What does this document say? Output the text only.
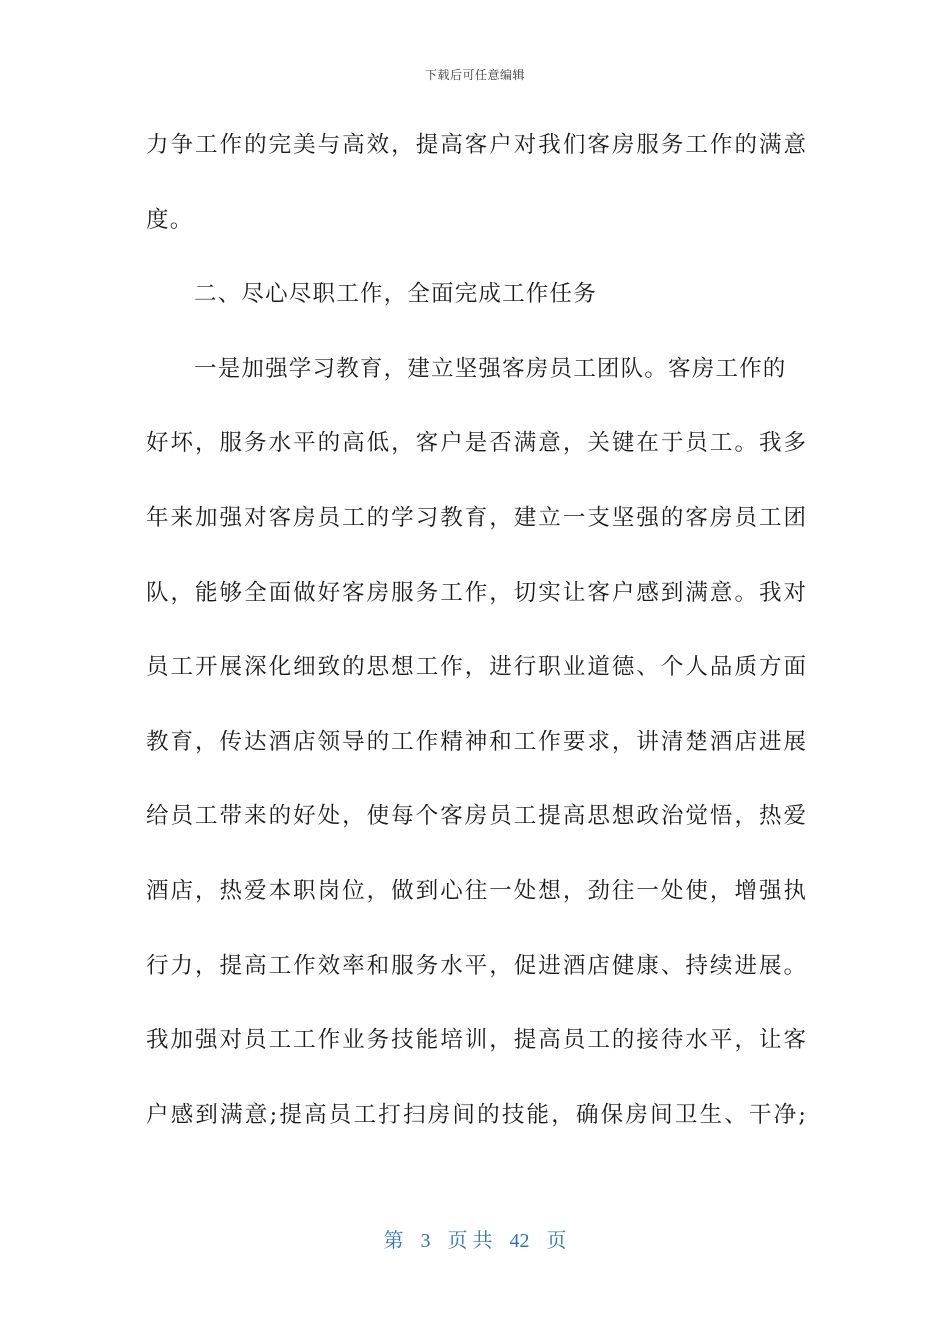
下载后可任意编辑
力争工作的完美与高效，提高客户对我们客房服务工作的满意
度。
二、尽心尽职工作，全面完成工作任务
一是加强学习教育，建立坚强客房员工团队。客房工作的
好坏，服务水平的高低，客户是否满意，关键在于员工。我多
年来加强对客房员工的学习教育，建立一支坚强的客房员工团
队，能够全面做好客房服务工作，切实让客户感到满意。我对
员工开展深化细致的思想工作，进行职业道德、个人品质方面
教育，传达酒店领导的工作精神和工作要求，讲清楚酒店进展
给员工带来的好处，使每个客房员工提高思想政治觉悟，热爱
酒店，热爱本职岗位，做到心往一处想，劲往一处使，增强执
行力，提高工作效率和服务水平，促进酒店健康、持续进展。
我加强对员工工作业务技能培训，提高员工的接待水平，让客
户感到满意;提高员工打扫房间的技能，确保房间卫生、干净;
第 3 页 共 42 页
